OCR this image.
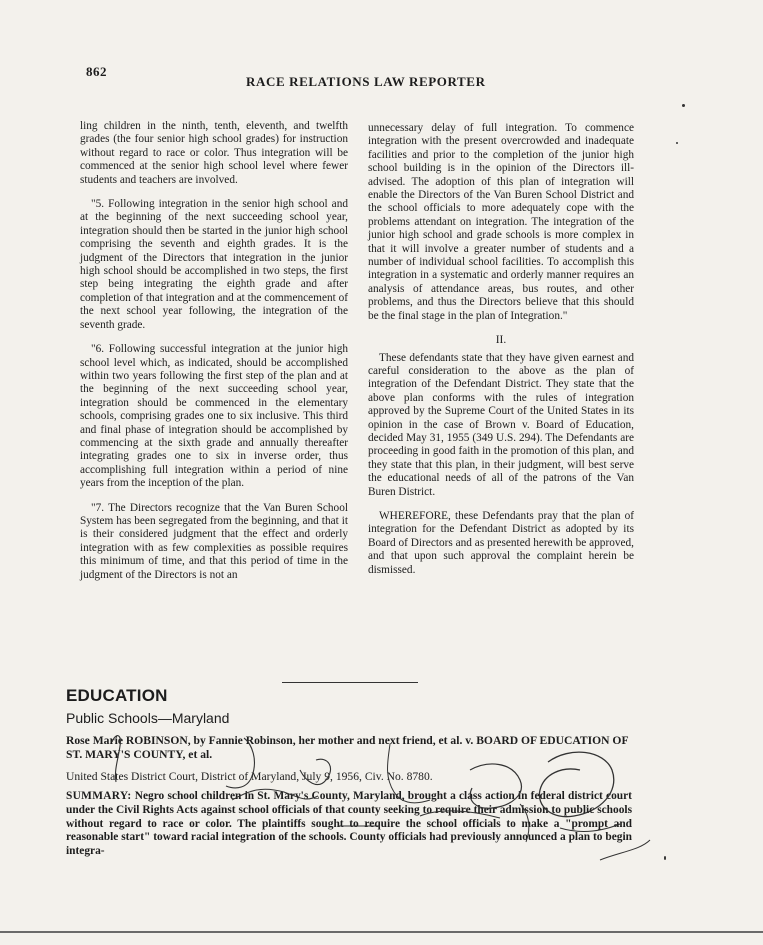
862
RACE RELATIONS LAW REPORTER

ling children in the ninth, tenth, eleventh, and twelfth grades (the four senior high school grades) for instruction without regard to race or color. Thus integration will be commenced at the senior high school level where fewer students and teachers are involved.

"5. Following integration in the senior high school and at the beginning of the next succeeding school year, integration should then be started in the junior high school comprising the seventh and eighth grades. It is the judgment of the Directors that integration in the junior high school should be accomplished in two steps, the first step being integrating the eighth grade and after completion of that integration and at the commencement of the next school year following, the integration of the seventh grade.

"6. Following successful integration at the junior high school level which, as indicated, should be accomplished within two years following the first step of the plan and at the beginning of the next succeeding school year, integration should be commenced in the elementary schools, comprising grades one to six inclusive. This third and final phase of integration should be accomplished by commencing at the sixth grade and annually thereafter integrating grades one to six in inverse order, thus accomplishing full integration within a period of nine years from the inception of the plan.

"7. The Directors recognize that the Van Buren School System has been segregated from the beginning, and that it is their considered judgment that the effect and orderly integration with as few complexities as possible requires this minimum of time, and that this period of time in the judgment of the Directors is not an

unnecessary delay of full integration. To commence integration with the present overcrowded and inadequate facilities and prior to the completion of the junior high school building is in the opinion of the Directors ill-advised. The adoption of this plan of integration will enable the Directors of the Van Buren School District and the school officials to more adequately cope with the problems attendant on integration. The integration of the junior high school and grade schools is more complex in that it will involve a greater number of students and a number of individual school facilities. To accomplish this integration in a systematic and orderly manner requires an analysis of attendance areas, bus routes, and other problems, and thus the Directors believe that this should be the final stage in the plan of Integration."

II.

These defendants state that they have given earnest and careful consideration to the above as the plan of integration of the Defendant District. They state that the above plan conforms with the rules of integration approved by the Supreme Court of the United States in its opinion in the case of Brown v. Board of Education, decided May 31, 1955 (349 U.S. 294). The Defendants are proceeding in good faith in the promotion of this plan, and they state that this plan, in their judgment, will best serve the educational needs of all of the patrons of the Van Buren District.

WHEREFORE, these Defendants pray that the plan of integration for the Defendant District as adopted by its Board of Directors and as presented herewith be approved, and that upon such approval the complaint herein be dismissed.

EDUCATION
Public Schools—Maryland
Rose Marie ROBINSON, by Fannie Robinson, her mother and next friend, et al. v. BOARD OF EDUCATION OF ST. MARY'S COUNTY, et al.
United States District Court, District of Maryland, July 9, 1956, Civ. No. 8780.
SUMMARY: Negro school children in St. Mary's County, Maryland, brought a class action in federal district court under the Civil Rights Acts against school officials of that county seeking to require their admission to public schools without regard to race or color. The plaintiffs sought to require the school officials to make a "prompt and reasonable start" toward racial integration of the schools. County officials had previously announced a plan to begin integra-
